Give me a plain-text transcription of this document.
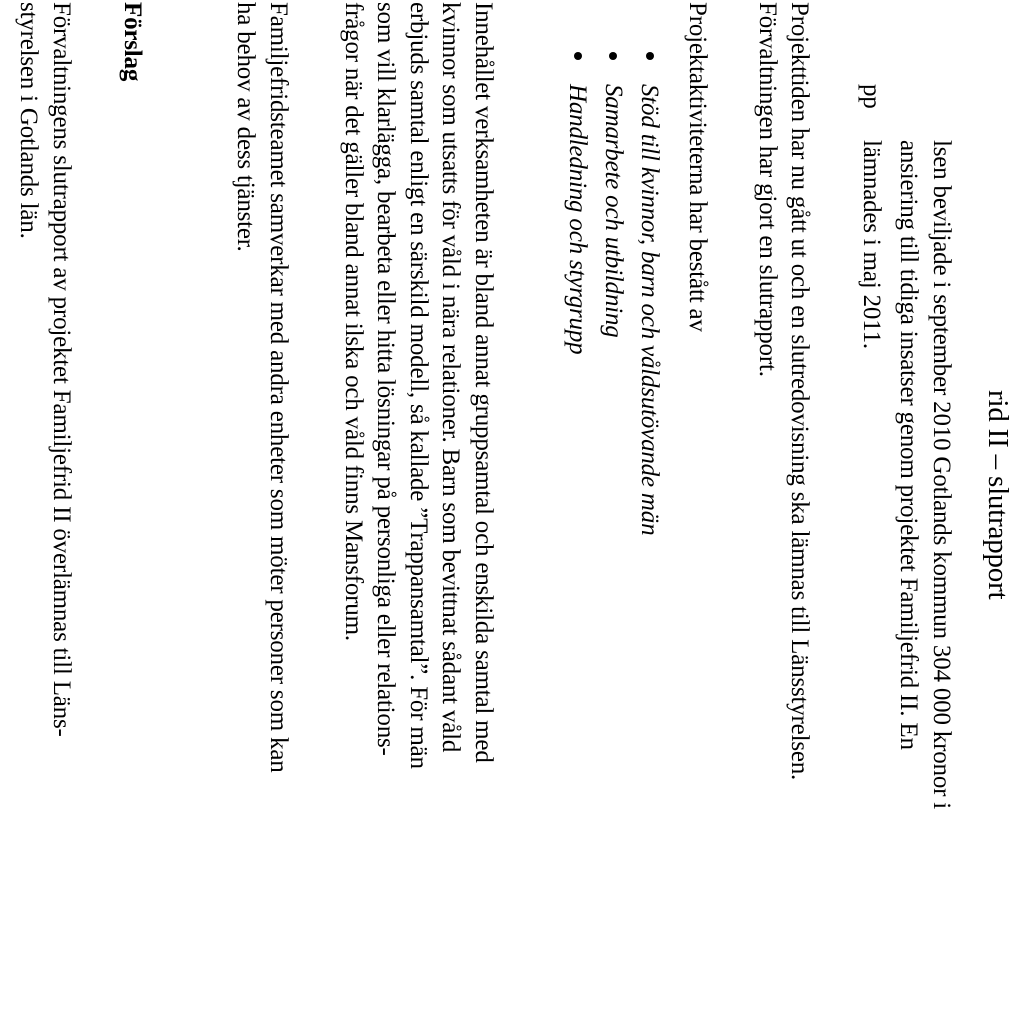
rid II – slutrapport
lsen beviljade i september 2010 Gotlands kommun 304 000 kronor i
ansiering till tidiga insatser genom projektet Familjefrid II. En
pp
lämnades i maj 2011.
Projekttiden har nu gått ut och en slutredovisning ska lämnas till Länsstyrelsen.
Förvaltningen har gjort en slutrapport.
Projektaktiviteterna har bestått av
Stöd till kvinnor, barn och våldsutövande män
Samarbete och utbildning
Handledning och styrgrupp
Innehållet verksamheten är bland annat gruppsamtal och enskilda samtal med
kvinnor som utsatts för våld i nära relationer. Barn som bevittnat sådant våld
erbjuds samtal enligt en särskild modell, så kallade ”Trappansamtal”. För män
som vill klarlägga, bearbeta eller hitta lösningar på personliga eller relations-
frågor när det gäller bland annat ilska och våld finns Mansforum.
Familjefridsteamet samverkar med andra enheter som möter personer som kan
ha behov av dess tjänster.
Förslag
Förvaltningens slutrapport av projektet Familjefrid II överlämnas till Läns-
styrelsen i Gotlands län.
